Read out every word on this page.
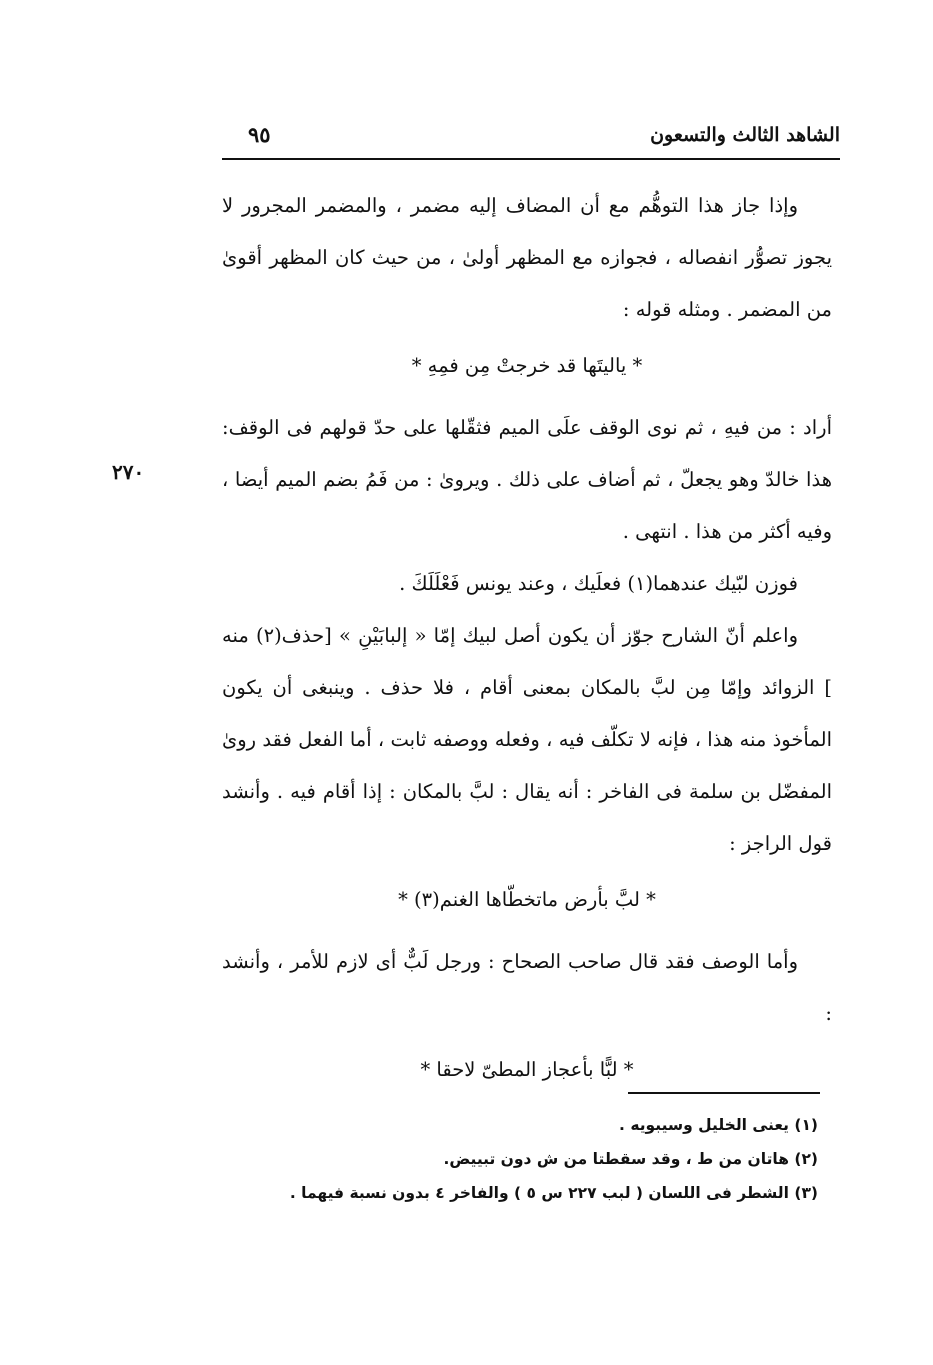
الشاهد الثالث والتسعون
٩٥
٢٧٠

وإذا جاز هذا التوهُّم مع أن المضاف إليه مضمر ، والمضمر المجرور لا يجوز تصوُّر انفصاله ، فجوازه مع المظهر أولىٰ ، من حيث كان المظهر أقوىٰ من المضمر . ومثله قوله :

* ياليتَها قد خرجتْ مِن فمِهِ *

أراد : من فيهِ ، ثم نوى الوقف علَى الميم فثقّلها على حدّ قولهم فى الوقف: هذا خالدّ وهو يجعلّ ، ثم أضاف على ذلك . ويروىٰ : من فَمُ بضم الميم أيضا ، وفيه أكثر من هذا . انتهى .

فوزن لبّيك عندهما(١) فعلَيك ، وعند يونس فَعْلَلَكَ .

واعلم أنّ الشارح جوّز أن يكون أصل لبيك إمّا « إلبابَيْنِ » [حذف(٢) منه ] الزوائد وإمّا مِن لبَّ بالمكان بمعنى أقام ، فلا حذف . وينبغى أن يكون المأخوذ منه هذا ، فإنه لا تكلّف فيه ، وفعله ووصفه ثابت ، أما الفعل فقد روىٰ المفضّل بن سلمة فى الفاخر : أنه يقال : لبَّ بالمكان : إذا أقام فيه . وأنشد قول الراجز :

* لبَّ بأرض ماتخطّاها الغنم(٣) *

وأما الوصف فقد قال صاحب الصحاح : ورجل لَبٌّ أى لازم للأمر ، وأنشد :

* لبًّا بأعجاز المطىّ لاحقا *

(١) يعنى الخليل وسيبويه .

(٢) هاتان من ط ، وقد سقطتا من ش دون تبييض.

(٣) الشطر فى اللسان ( لبب ٢٢٧ س ٥ ) والفاخر ٤ بدون نسبة فيهما .
